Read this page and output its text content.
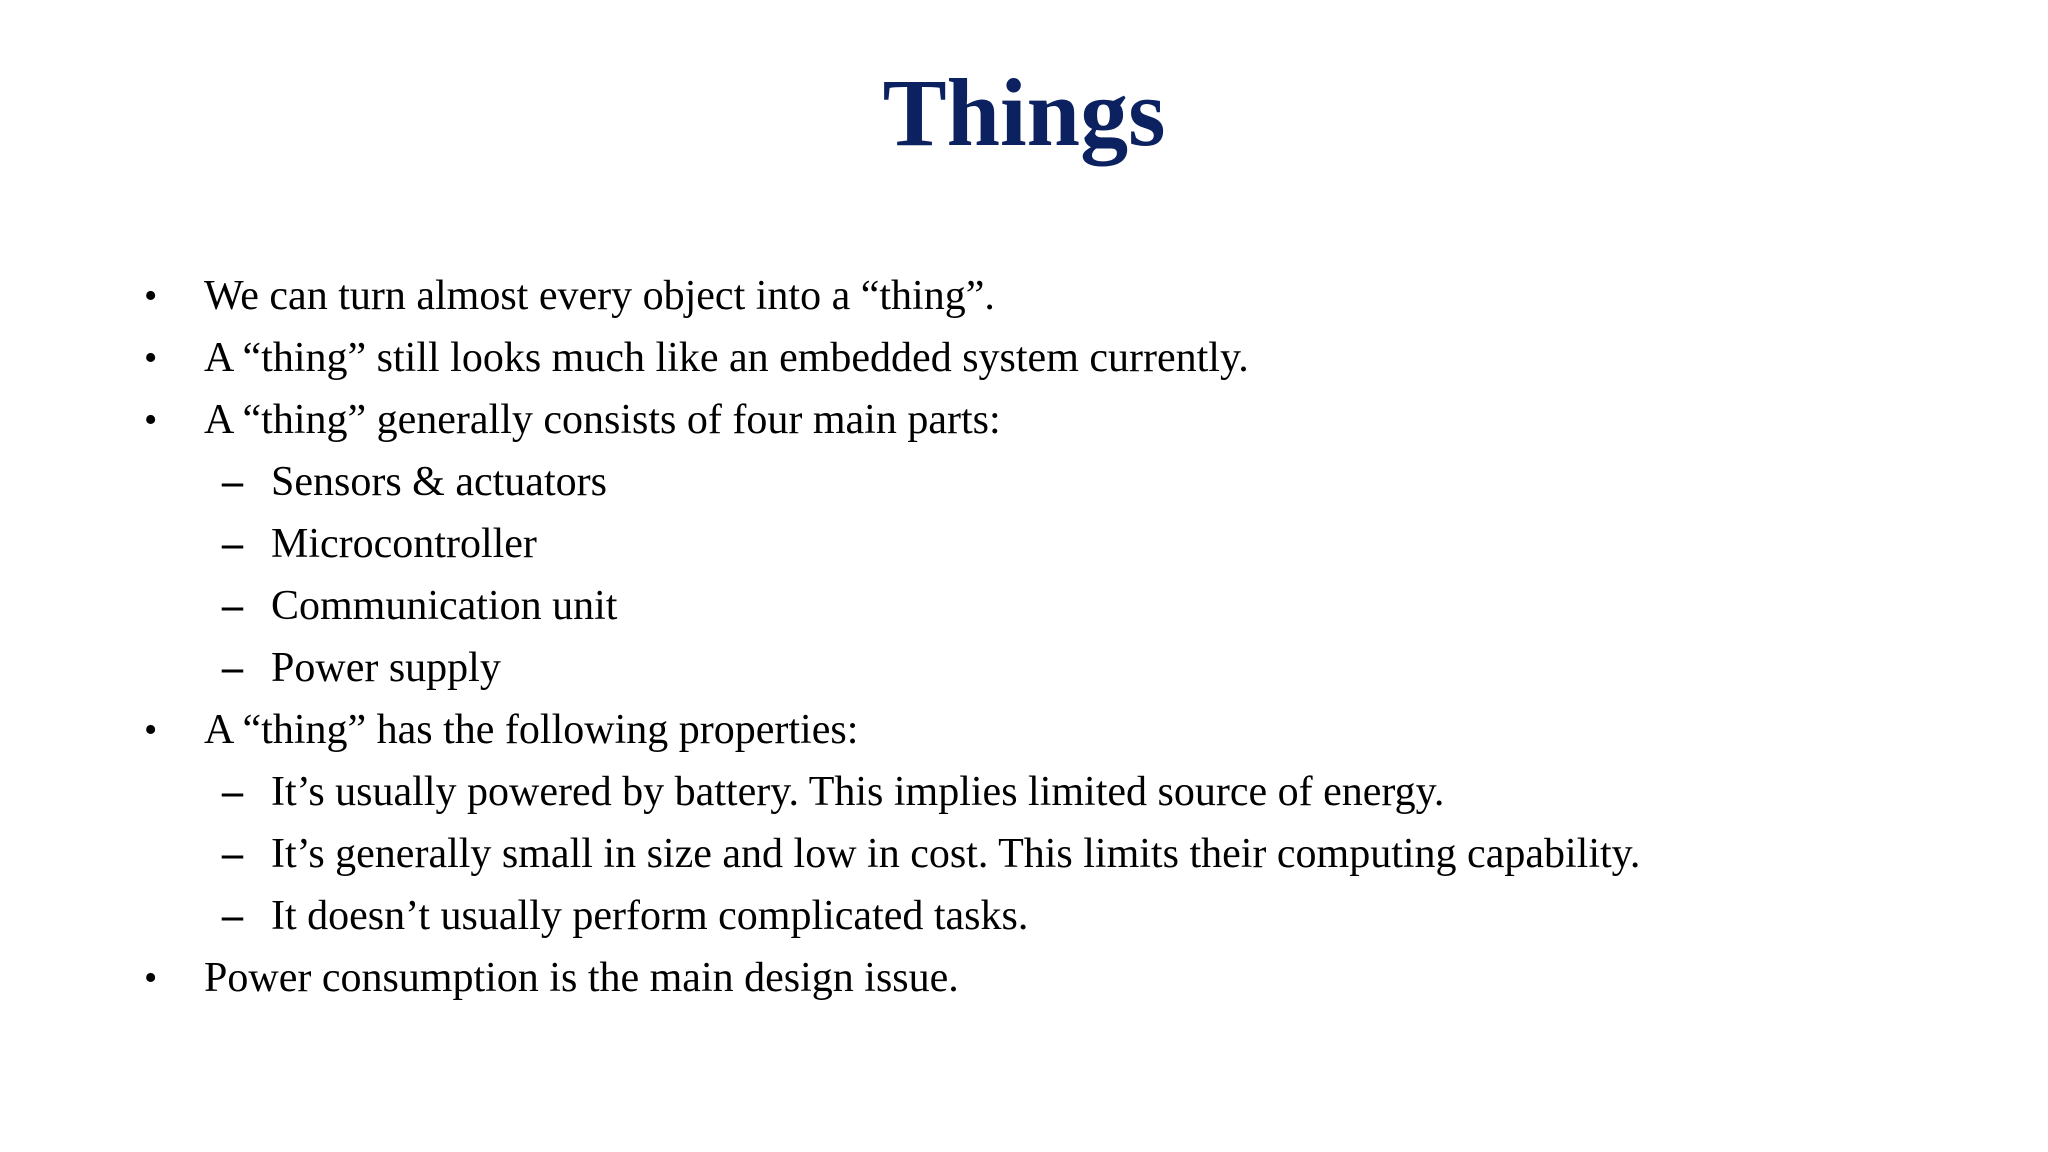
Things
• We can turn almost every object into a “thing”.
• A “thing” still looks much like an embedded system currently.
• A “thing” generally consists of four main parts:
– Sensors & actuators
– Microcontroller
– Communication unit
– Power supply
• A “thing” has the following properties:
– It’s usually powered by battery. This implies limited source of energy.
– It’s generally small in size and low in cost. This limits their computing capability.
– It doesn’t usually perform complicated tasks.
• Power consumption is the main design issue.
